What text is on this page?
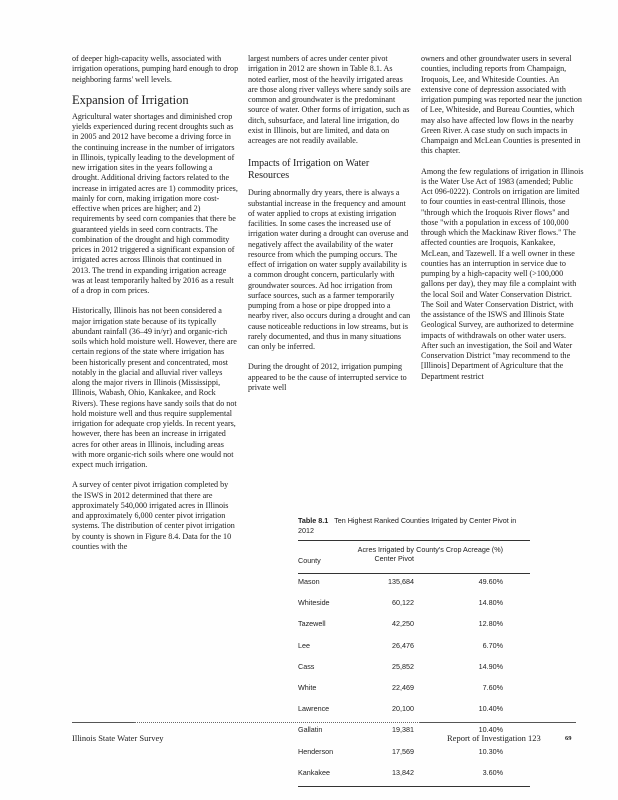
of deeper high-capacity wells, associated with irrigation operations, pumping hard enough to drop neighboring farms' well levels.

Expansion of Irrigation

Agricultural water shortages and diminished crop yields experienced during recent droughts such as in 2005 and 2012 have become a driving force in the continuing increase in the number of irrigators in Illinois, typically leading to the development of new irrigation sites in the years following a drought. Additional driving factors related to the increase in irrigated acres are 1) commodity prices, mainly for corn, making irrigation more cost-effective when prices are higher; and 2) requirements by seed corn companies that there be guaranteed yields in seed corn contracts. The combination of the drought and high commodity prices in 2012 triggered a significant expansion of irrigated acres across Illinois that continued in 2013. The trend in expanding irrigation acreage was at least temporarily halted by 2016 as a result of a drop in corn prices.

Historically, Illinois has not been considered a major irrigation state because of its typically abundant rainfall (36–49 in/yr) and organic-rich soils which hold moisture well. However, there are certain regions of the state where irrigation has been historically present and concentrated, most notably in the glacial and alluvial river valleys along the major rivers in Illinois (Mississippi, Illinois, Wabash, Ohio, Kankakee, and Rock Rivers). These regions have sandy soils that do not hold moisture well and thus require supplemental irrigation for adequate crop yields. In recent years, however, there has been an increase in irrigated acres for other areas in Illinois, including areas with more organic-rich soils where one would not expect much irrigation.

A survey of center pivot irrigation completed by the ISWS in 2012 determined that there are approximately 540,000 irrigated acres in Illinois and approximately 6,000 center pivot irrigation systems. The distribution of center pivot irrigation by county is shown in Figure 8.4. Data for the 10 counties with the

largest numbers of acres under center pivot irrigation in 2012 are shown in Table 8.1. As noted earlier, most of the heavily irrigated areas are those along river valleys where sandy soils are common and groundwater is the predominant source of water. Other forms of irrigation, such as ditch, subsurface, and lateral line irrigation, do exist in Illinois, but are limited, and data on acreages are not readily available.

Impacts of Irrigation on Water Resources

During abnormally dry years, there is always a substantial increase in the frequency and amount of water applied to crops at existing irrigation facilities. In some cases the increased use of irrigation water during a drought can overuse and negatively affect the availability of the water resource from which the pumping occurs. The effect of irrigation on water supply availability is a common drought concern, particularly with groundwater sources. Ad hoc irrigation from surface sources, such as a farmer temporarily pumping from a hose or pipe dropped into a nearby river, also occurs during a drought and can cause noticeable reductions in low streams, but is rarely documented, and thus in many situations can only be inferred.

During the drought of 2012, irrigation pumping appeared to be the cause of interrupted service to private well

owners and other groundwater users in several counties, including reports from Champaign, Iroquois, Lee, and Whiteside Counties. An extensive cone of depression associated with irrigation pumping was reported near the junction of Lee, Whiteside, and Bureau Counties, which may also have affected low flows in the nearby Green River. A case study on such impacts in Champaign and McLean Counties is presented in this chapter.

Among the few regulations of irrigation in Illinois is the Water Use Act of 1983 (amended; Public Act 096-0222). Controls on irrigation are limited to four counties in east-central Illinois, those "through which the Iroquois River flows" and those "with a population in excess of 100,000 through which the Mackinaw River flows." The affected counties are Iroquois, Kankakee, McLean, and Tazewell. If a well owner in these counties has an interruption in service due to pumping by a high-capacity well (>100,000 gallons per day), they may file a complaint with the local Soil and Water Conservation District. The Soil and Water Conservation District, with the assistance of the ISWS and Illinois State Geological Survey, are authorized to determine impacts of withdrawals on other water users. After such an investigation, the Soil and Water Conservation District "may recommend to the [Illinois] Department of Agriculture that the Department restrict

Table 8.1 Ten Highest Ranked Counties Irrigated by Center Pivot in 2012
County
Acres Irrigated by Center Pivot
County's Crop Acreage (%)
Mason	135,684	49.60%
Whiteside	60,122	14.80%
Tazewell	42,250	12.80%
Lee	26,476	6.70%
Cass	25,852	14.90%
White	22,469	7.60%
Lawrence	20,100	10.40%
Gallatin	19,381	10.40%
Henderson	17,569	10.30%
Kankakee	13,842	3.60%
Illinois State Water Survey	Report of Investigation 123	69
